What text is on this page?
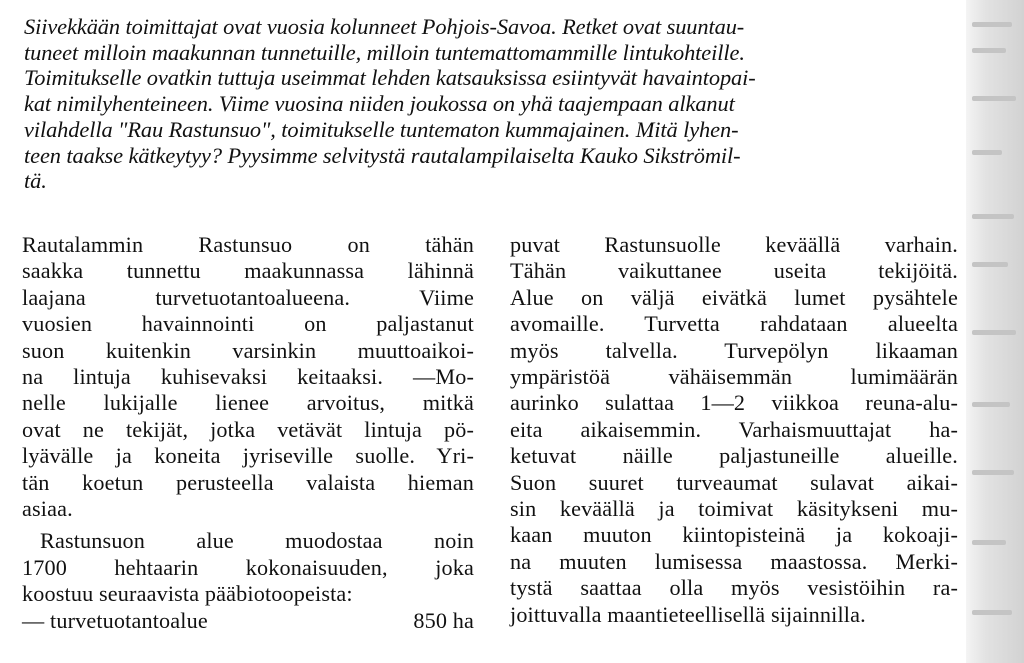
Siivekkään toimittajat ovat vuosia kolunneet Pohjois-Savoa. Retket ovat suuntau-
tuneet milloin maakunnan tunnetuille, milloin tuntemattomammille lintukohteille.
Toimitukselle ovatkin tuttuja useimmat lehden katsauksissa esiintyvät havaintopai-
kat nimilyhenteineen. Viime vuosina niiden joukossa on yhä taajempaan alkanut
vilahdella "Rau Rastunsuo", toimitukselle tuntematon kummajainen. Mitä lyhen-
teen taakse kätkeytyy? Pyysimme selvitystä rautalampilaiselta Kauko Sikströmil-
tä.
Rautalammin Rastunsuo on tähän
saakka tunnettu maakunnassa lähinnä
laajana turvetuotantoalueena. Viime
vuosien havainnointi on paljastanut
suon kuitenkin varsinkin muuttoaikoi-
na lintuja kuhisevaksi keitaaksi. —Mo-
nelle lukijalle lienee arvoitus, mitkä
ovat ne tekijät, jotka vetävät lintuja pö-
lyävälle ja koneita jyriseville suolle. Yri-
tän koetun perusteella valaista hieman
asiaa.
Rastunsuon alue muodostaa noin
1700 hehtaarin kokonaisuuden, joka
koostuu seuraavista pääbiotoopeista:
— turvetuotantoalue	850 ha
puvat Rastunsuolle keväällä varhain.
Tähän vaikuttanee useita tekijöitä.
Alue on väljä eivätkä lumet pysähtele
avomaille. Turvetta rahdataan alueelta
myös talvella. Turvepölyn likaaman
ympäristöä vähäisemmän lumimäärän
aurinko sulattaa 1—2 viikkoa reuna-alu-
eita aikaisemmin. Varhaismuuttajat ha-
ketuvat näille paljastuneille alueille.
Suon suuret turveaumat sulavat aikai-
sin keväällä ja toimivat käsitykseni mu-
kaan muuton kiintopisteinä ja kokoaji-
na muuten lumisessa maastossa. Merki-
tystä saattaa olla myös vesistöihin ra-
joittuvalla maantieteellisellä sijainnilla.
